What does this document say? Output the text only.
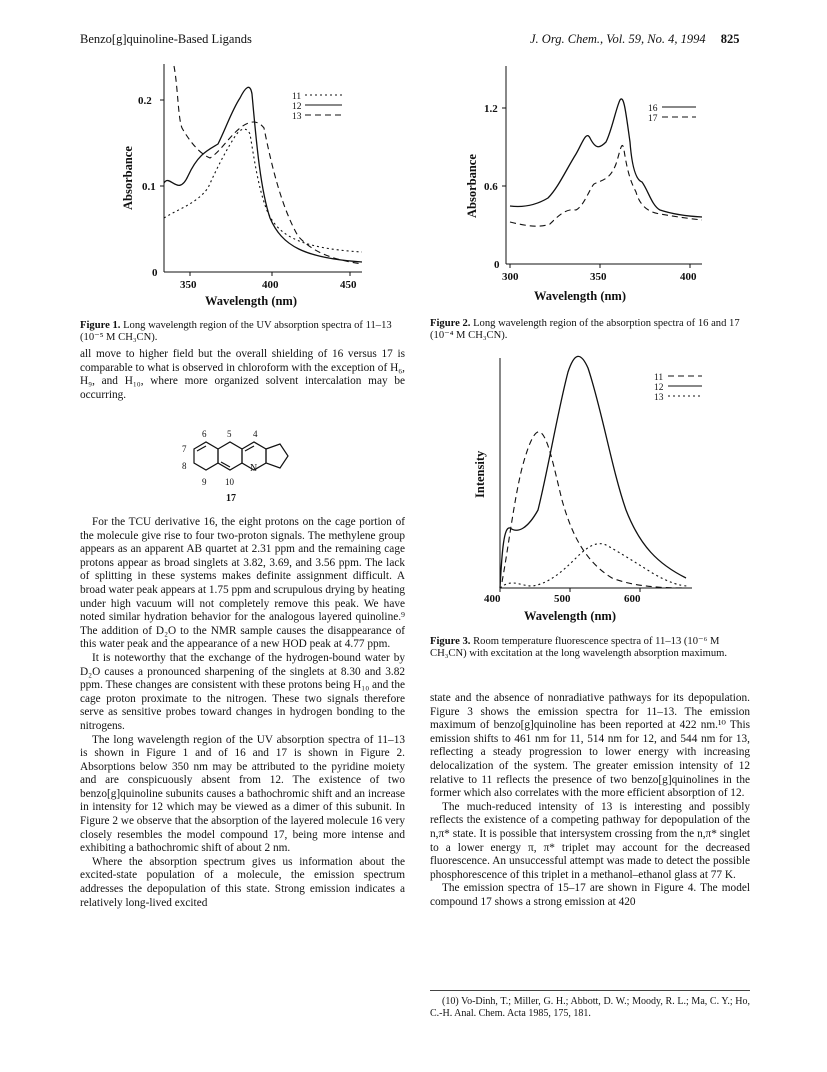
Benzo[g]quinoline-Based Ligands	J. Org. Chem., Vol. 59, No. 4, 1994 825
0.2
0.1
0
350	400	450
Wavelength (nm)
Absorbance
11
12
13
Figure 1. Long wavelength region of the UV absorption spectra of 11–13 (10⁻⁵ M CH₃CN).

all move to higher field but the overall shielding of 16 versus 17 is comparable to what is observed in chloroform with the exception of H₆, H₉, and H₁₀, where more organized solvent intercalation may be occurring.

6 5 4
7
8
9 10
N
17

For the TCU derivative 16, the eight protons on the cage portion of the molecule give rise to four two-proton signals. The methylene group appears as an apparent AB quartet at 2.31 ppm and the remaining cage protons appear as broad singlets at 3.82, 3.69, and 3.56 ppm. The lack of splitting in these systems makes definite assignment difficult. A broad water peak appears at 1.75 ppm and scrupulous drying by heating under high vacuum will not completely remove this peak. We have noted similar hydration behavior for the analogous layered quinoline.⁹ The addition of D₂O to the NMR sample causes the disappearance of this water peak and the appearance of a new HOD peak at 4.77 ppm.

It is noteworthy that the exchange of the hydrogen-bound water by D₂O causes a pronounced sharpening of the singlets at 8.30 and 3.82 ppm. These changes are consistent with these protons being H₁₀ and the cage proton proximate to the nitrogen. These two signals therefore serve as sensitive probes toward changes in hydrogen bonding to the nitrogens.

The long wavelength region of the UV absorption spectra of 11–13 is shown in Figure 1 and of 16 and 17 is shown in Figure 2. Absorptions below 350 nm may be attributed to the pyridine moiety and are conspicuously absent from 12. The existence of two benzo[g]quinoline subunits causes a bathochromic shift and an increase in intensity for 12 which may be viewed as a dimer of this subunit. In Figure 2 we observe that the absorption of the layered molecule 16 very closely resembles the model compound 17, being more intense and exhibiting a bathochromic shift of about 2 nm.

Where the absorption spectrum gives us information about the excited-state population of a molecule, the emission spectrum addresses the depopulation of this state. Strong emission indicates a relatively long-lived excited

1.2
0.6
0
300	350	400
Wavelength (nm)
Absorbance
16
17
Figure 2. Long wavelength region of the absorption spectra of 16 and 17 (10⁻⁴ M CH₃CN).
400	500	600
Wavelength (nm)
Intensity
11
12
13
Figure 3. Room temperature fluorescence spectra of 11–13 (10⁻⁶ M CH₃CN) with excitation at the long wavelength absorption maximum.

state and the absence of nonradiative pathways for its depopulation. Figure 3 shows the emission spectra for 11–13. The emission maximum of benzo[g]quinoline has been reported at 422 nm.¹⁰ This emission shifts to 461 nm for 11, 514 nm for 12, and 544 nm for 13, reflecting a steady progression to lower energy with increasing delocalization of the system. The greater emission intensity of 12 relative to 11 reflects the presence of two benzo[g]quinolines in the former which also correlates with the more efficient absorption of 12.

The much-reduced intensity of 13 is interesting and possibly reflects the existence of a competing pathway for depopulation of the n,π* state. It is possible that intersystem crossing from the n,π* singlet to a lower energy π, π* triplet may account for the decreased fluorescence. An unsuccessful attempt was made to detect the possible phosphorescence of this triplet in a methanol–ethanol glass at 77 K.

The emission spectra of 15–17 are shown in Figure 4. The model compound 17 shows a strong emission at 420

(10) Vo-Dinh, T.; Miller, G. H.; Abbott, D. W.; Moody, R. L.; Ma, C. Y.; Ho, C.-H. Anal. Chem. Acta 1985, 175, 181.
